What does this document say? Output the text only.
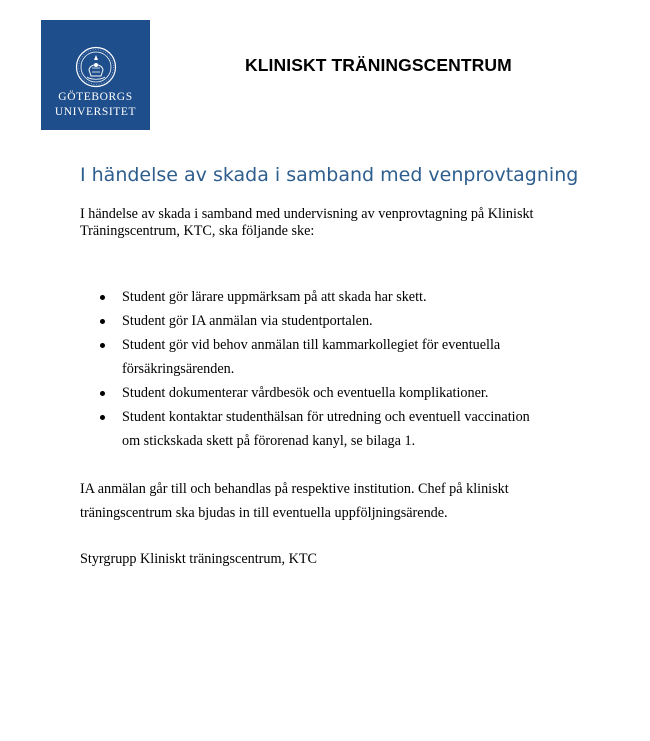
GÖTEBORGS
UNIVERSITET
KLINISKT TRÄNINGSCENTRUM
I händelse av skada i samband med venprovtagning

I händelse av skada i samband med undervisning av venprovtagning på Kliniskt Träningscentrum, KTC, ska följande ske:

Student gör lärare uppmärksam på att skada har skett.
Student gör IA anmälan via studentportalen.
Student gör vid behov anmälan till kammarkollegiet för eventuella försäkringsärenden.
Student dokumenterar vårdbesök och eventuella komplikationer.
Student kontaktar studenthälsan för utredning och eventuell vaccination om stickskada skett på förorenad kanyl, se bilaga 1.

IA anmälan går till och behandlas på respektive institution. Chef på kliniskt träningscentrum ska bjudas in till eventuella uppföljningsärende.

Styrgrupp Kliniskt träningscentrum, KTC
